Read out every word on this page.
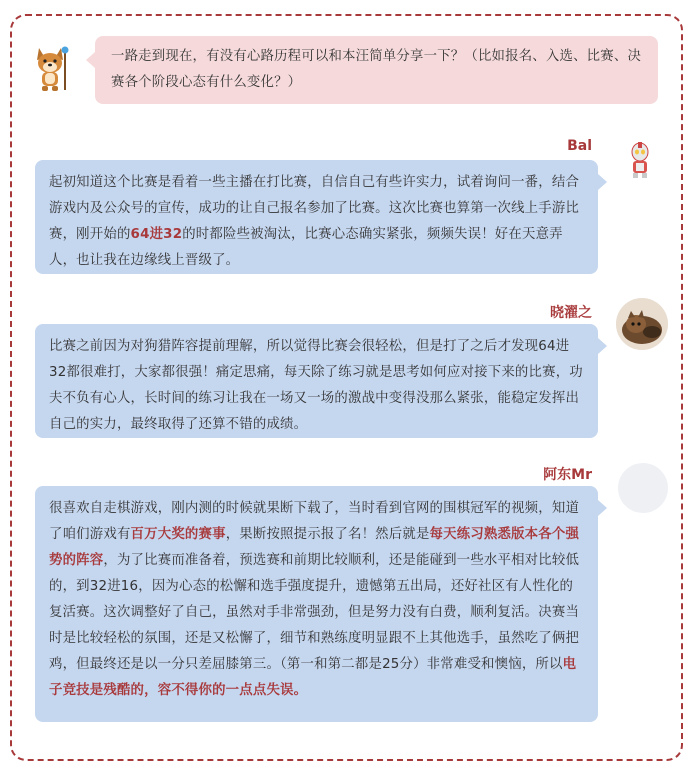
一路走到现在，有没有心路历程可以和本汪简单分享一下？（比如报名、入选、比赛、决赛各个阶段心态有什么变化？）

Bal

起初知道这个比赛是看着一些主播在打比赛，自信自己有些许实力，试着询问一番，结合游戏内及公众号的宣传，成功的让自己报名参加了比赛。这次比赛也算第一次线上手游比赛，刚开始的64进32的时都险些被淘汰，比赛心态确实紧张，频频失误！好在天意弄人，也让我在边缘线上晋级了。

晓濯之

比赛之前因为对狗猎阵容提前理解，所以觉得比赛会很轻松，但是打了之后才发现64进32都很难打，大家都很强！痛定思痛，每天除了练习就是思考如何应对接下来的比赛，功夫不负有心人，长时间的练习让我在一场又一场的激战中变得没那么紧张，能稳定发挥出自己的实力，最终取得了还算不错的成绩。

阿东Mr

很喜欢自走棋游戏，刚内测的时候就果断下载了，当时看到官网的围棋冠军的视频，知道了咱们游戏有百万大奖的赛事，果断按照提示报了名！然后就是每天练习熟悉版本各个强势的阵容，为了比赛而准备着，预选赛和前期比较顺利，还是能碰到一些水平相对比较低的，到32进16，因为心态的松懈和选手强度提升，遗憾第五出局，还好社区有人性化的复活赛。这次调整好了自己，虽然对手非常强劲，但是努力没有白费，顺利复活。决赛当时是比较轻松的氛围，还是又松懈了，细节和熟练度明显跟不上其他选手，虽然吃了俩把鸡，但最终还是以一分只差屈膝第三。（第一和第二都是25分）非常难受和懊恼，所以电子竞技是残酷的，容不得你的一点点失误。
